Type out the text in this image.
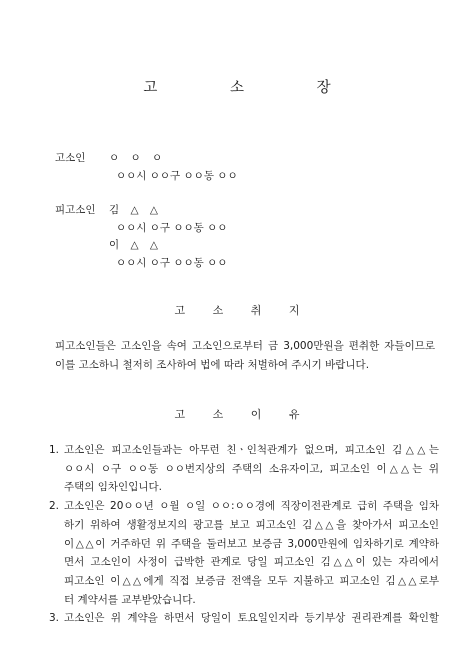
고 소 장
고소인 ㅇ ㅇ ㅇ
ㅇㅇ시 ㅇㅇ구 ㅇㅇ동 ㅇㅇ
피고소인 김 △ △
ㅇㅇ시 ㅇ구 ㅇㅇ동 ㅇㅇ
이 △ △
ㅇㅇ시 ㅇ구 ㅇㅇ동 ㅇㅇ
고 소 취 지
피고소인들은 고소인을 속여 고소인으로부터 금 3,000만원을 편취한 자들이므로
이를 고소하니 철저히 조사하여 법에 따라 처벌하여 주시기 바랍니다.
고 소 이 유
1. 고소인은 피고소인들과는 아무런 친ㆍ인척관계가 없으며, 피고소인 김△△는
ㅇㅇ시 ㅇ구 ㅇㅇ동 ㅇㅇ번지상의 주택의 소유자이고, 피고소인 이△△는 위
주택의 임차인입니다.
2. 고소인은 20ㅇㅇ년 ㅇ월 ㅇ일 ㅇㅇ:ㅇㅇ경에 직장이전관계로 급히 주택을 임차
하기 위하여 생활정보지의 광고를 보고 피고소인 김△△을 찾아가서 피고소인
이△△이 거주하던 위 주택을 둘러보고 보증금 3,000만원에 임차하기로 계약하
면서 고소인이 사정이 급박한 관계로 당일 피고소인 김△△이 있는 자리에서
피고소인 이△△에게 직접 보증금 전액을 모두 지불하고 피고소인 김△△로부
터 계약서를 교부받았습니다.
3. 고소인은 위 계약을 하면서 당일이 토요일인지라 등기부상 권리관계를 확인할
